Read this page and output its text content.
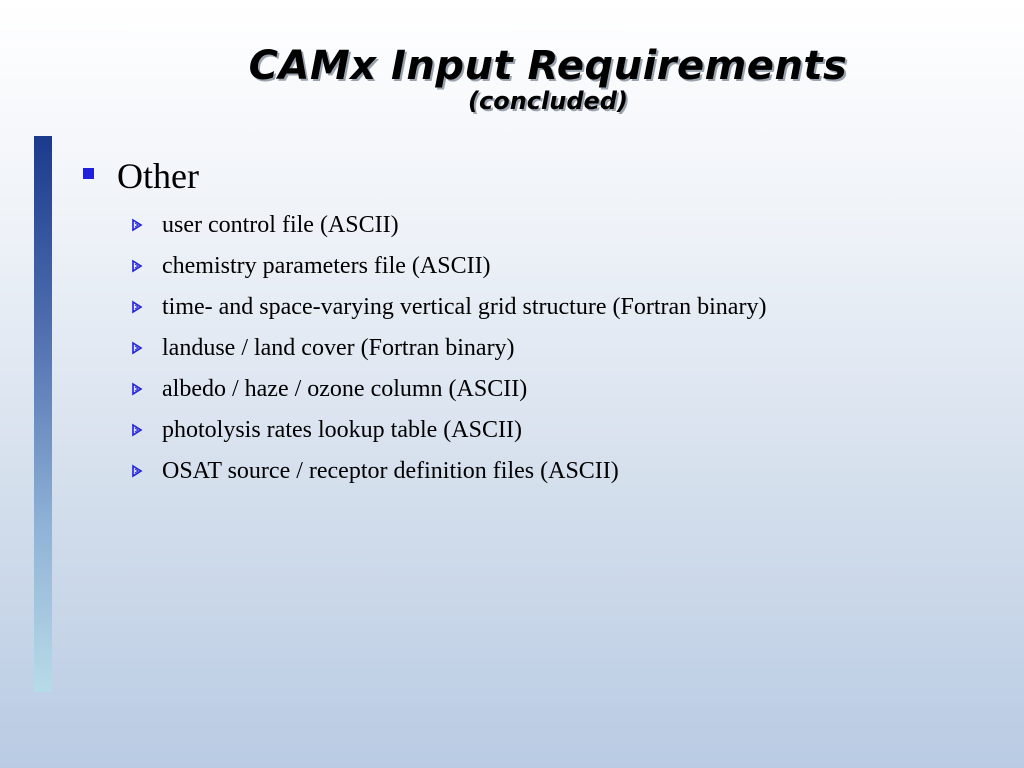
CAMx Input Requirements
(concluded)
Other
user control file (ASCII)
chemistry parameters file (ASCII)
time- and space-varying vertical grid structure (Fortran binary)
landuse / land cover (Fortran binary)
albedo / haze / ozone column (ASCII)
photolysis rates lookup table (ASCII)
OSAT source / receptor definition files (ASCII)
